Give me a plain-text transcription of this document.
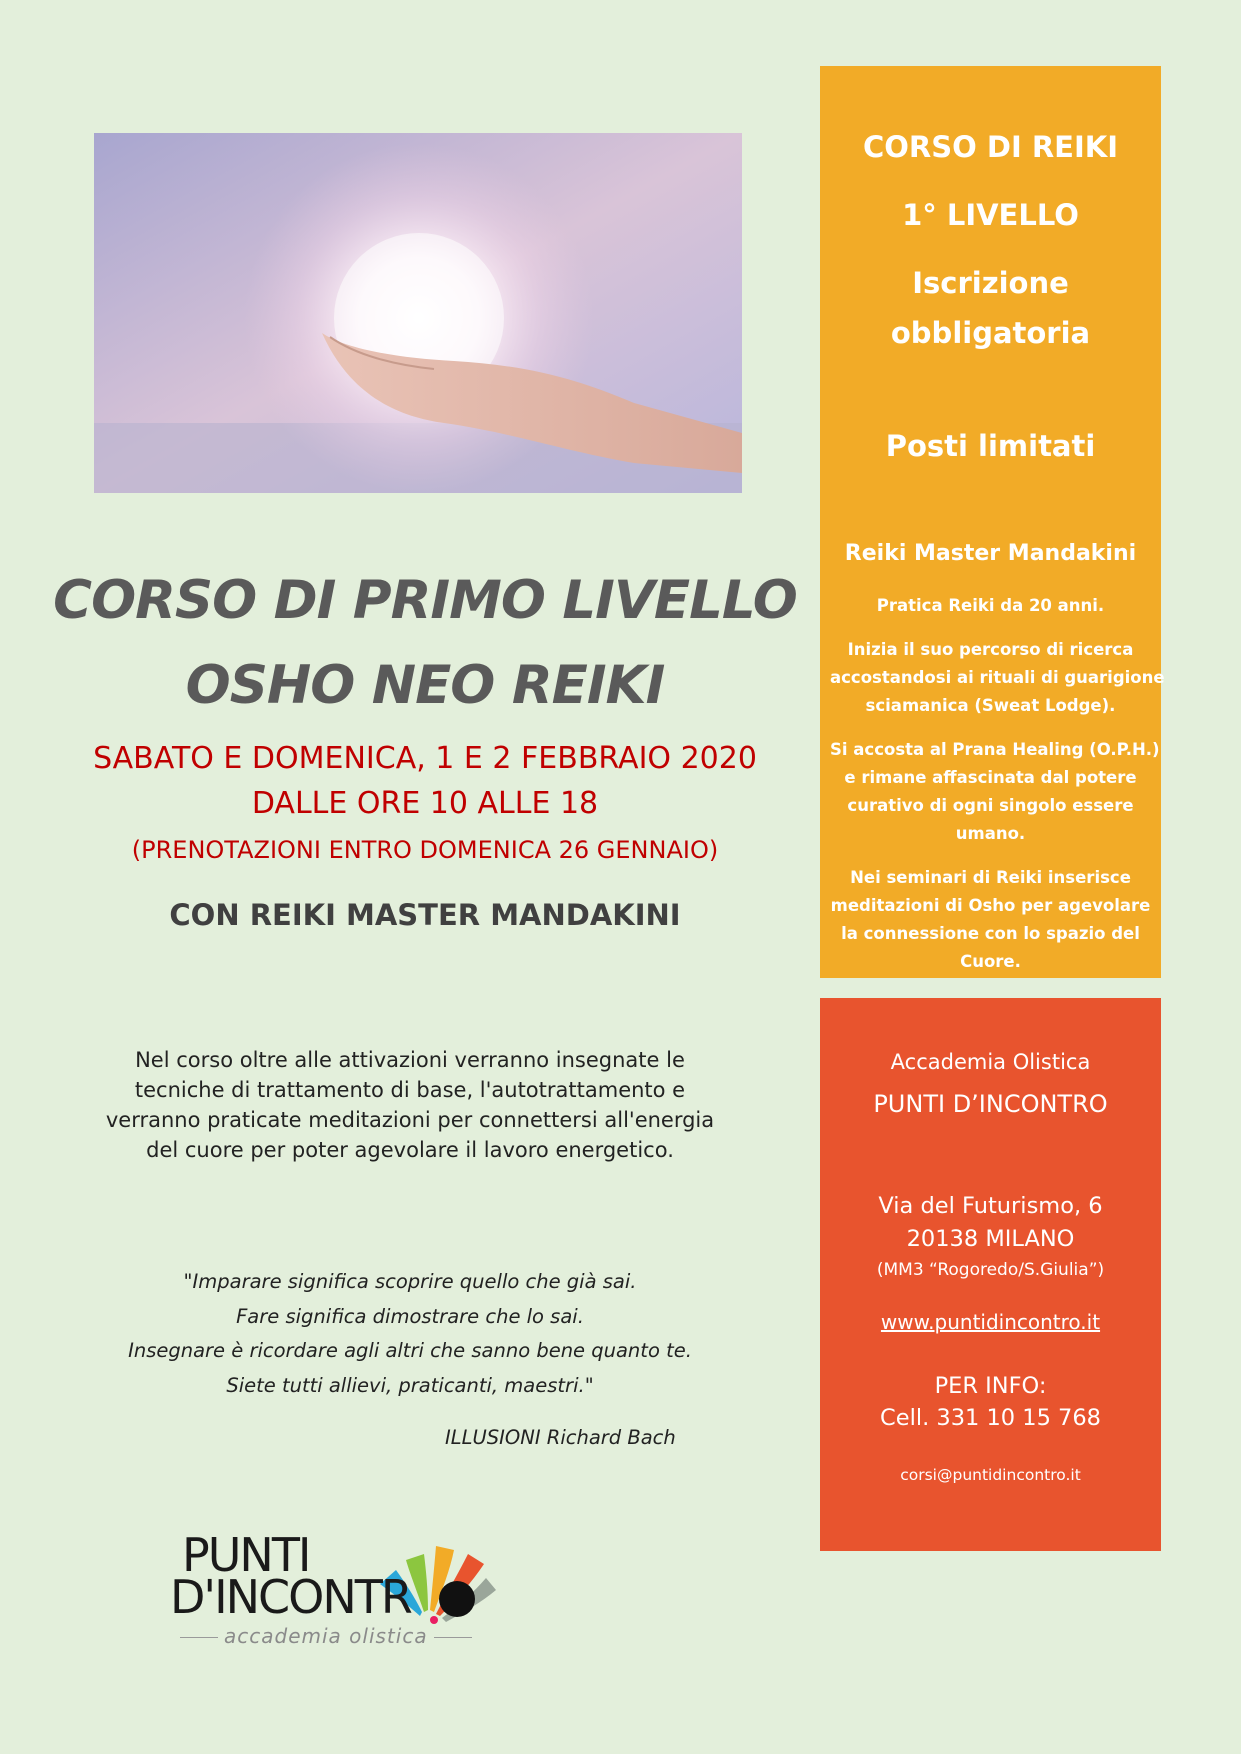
CORSO DI PRIMO LIVELLO
OSHO NEO REIKI
SABATO E DOMENICA, 1 E 2 FEBBRAIO 2020
DALLE ORE 10 ALLE 18
(PRENOTAZIONI ENTRO DOMENICA 26 GENNAIO)
CON REIKI MASTER MANDAKINI
Nel corso oltre alle attivazioni verranno insegnate le
tecniche di trattamento di base, l'autotrattamento e
verranno praticate meditazioni per connettersi all'energia
del cuore per poter agevolare il lavoro energetico.
"Imparare significa scoprire quello che già sai.
Fare significa dimostrare che lo sai.
Insegnare è ricordare agli altri che sanno bene quanto te.
Siete tutti allievi, praticanti, maestri."
ILLUSIONI Richard Bach
PUNTI
D'INCONTR
accademia olistica
CORSO DI REIKI
1° LIVELLO
Iscrizione
obbligatoria
Posti limitati
Reiki Master Mandakini
Pratica Reiki da 20 anni.
Inizia il suo percorso di ricerca
accostandosi ai rituali di guarigione
sciamanica (Sweat Lodge).
Si accosta al Prana Healing (O.P.H.)
e rimane affascinata dal potere
curativo di ogni singolo essere
umano.
Nei seminari di Reiki inserisce
meditazioni di Osho per agevolare
la connessione con lo spazio del
Cuore.
Accademia Olistica
PUNTI D’INCONTRO
Via del Futurismo, 6
20138 MILANO
(MM3 “Rogoredo/S.Giulia”)
www.puntidincontro.it
PER INFO:
Cell. 331 10 15 768
corsi@puntidincontro.it
